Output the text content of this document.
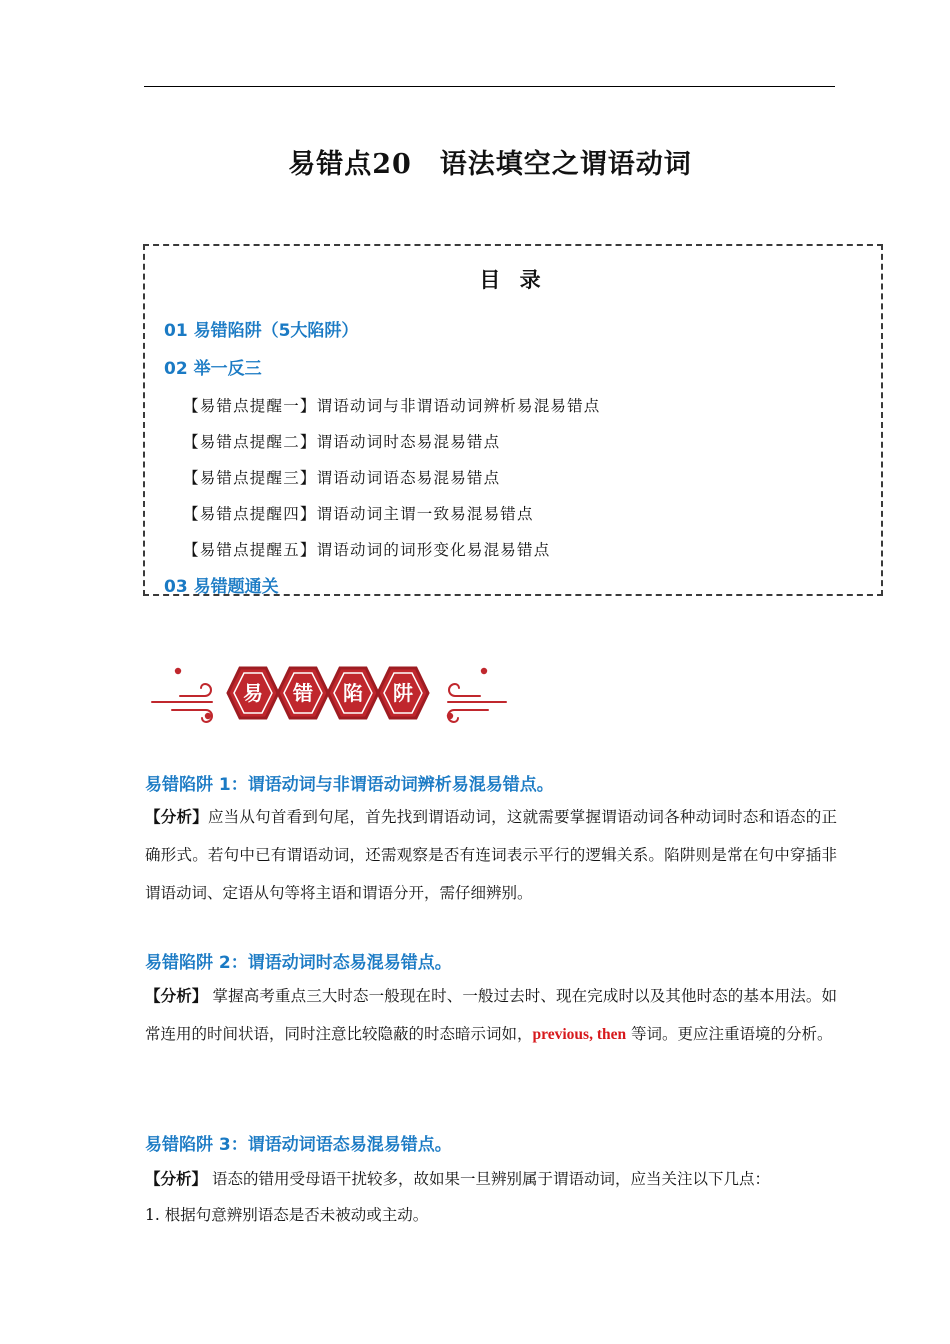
易错点20　语法填空之谓语动词
目 录
01 易错陷阱（5大陷阱）
02 举一反三
【易错点提醒一】谓语动词与非谓语动词辨析易混易错点
【易错点提醒二】谓语动词时态易混易错点
【易错点提醒三】谓语动词语态易混易错点
【易错点提醒四】谓语动词主谓一致易混易错点
【易错点提醒五】谓语动词的词形变化易混易错点
03 易错题通关
易 错 陷 阱
易错陷阱 1：谓语动词与非谓语动词辨析易混易错点。
【分析】应当从句首看到句尾，首先找到谓语动词，这就需要掌握谓语动词各种动词时态和语态的正确形式。若句中已有谓语动词，还需观察是否有连词表示平行的逻辑关系。陷阱则是常在句中穿插非谓语动词、定语从句等将主语和谓语分开，需仔细辨别。
易错陷阱 2：谓语动词时态易混易错点。
【分析】 掌握高考重点三大时态一般现在时、一般过去时、现在完成时以及其他时态的基本用法。如常连用的时间状语，同时注意比较隐蔽的时态暗示词如，previous, then 等词。更应注重语境的分析。
易错陷阱 3：谓语动词语态易混易错点。
【分析】 语态的错用受母语干扰较多，故如果一旦辨别属于谓语动词，应当关注以下几点：
1. 根据句意辨别语态是否未被动或主动。
